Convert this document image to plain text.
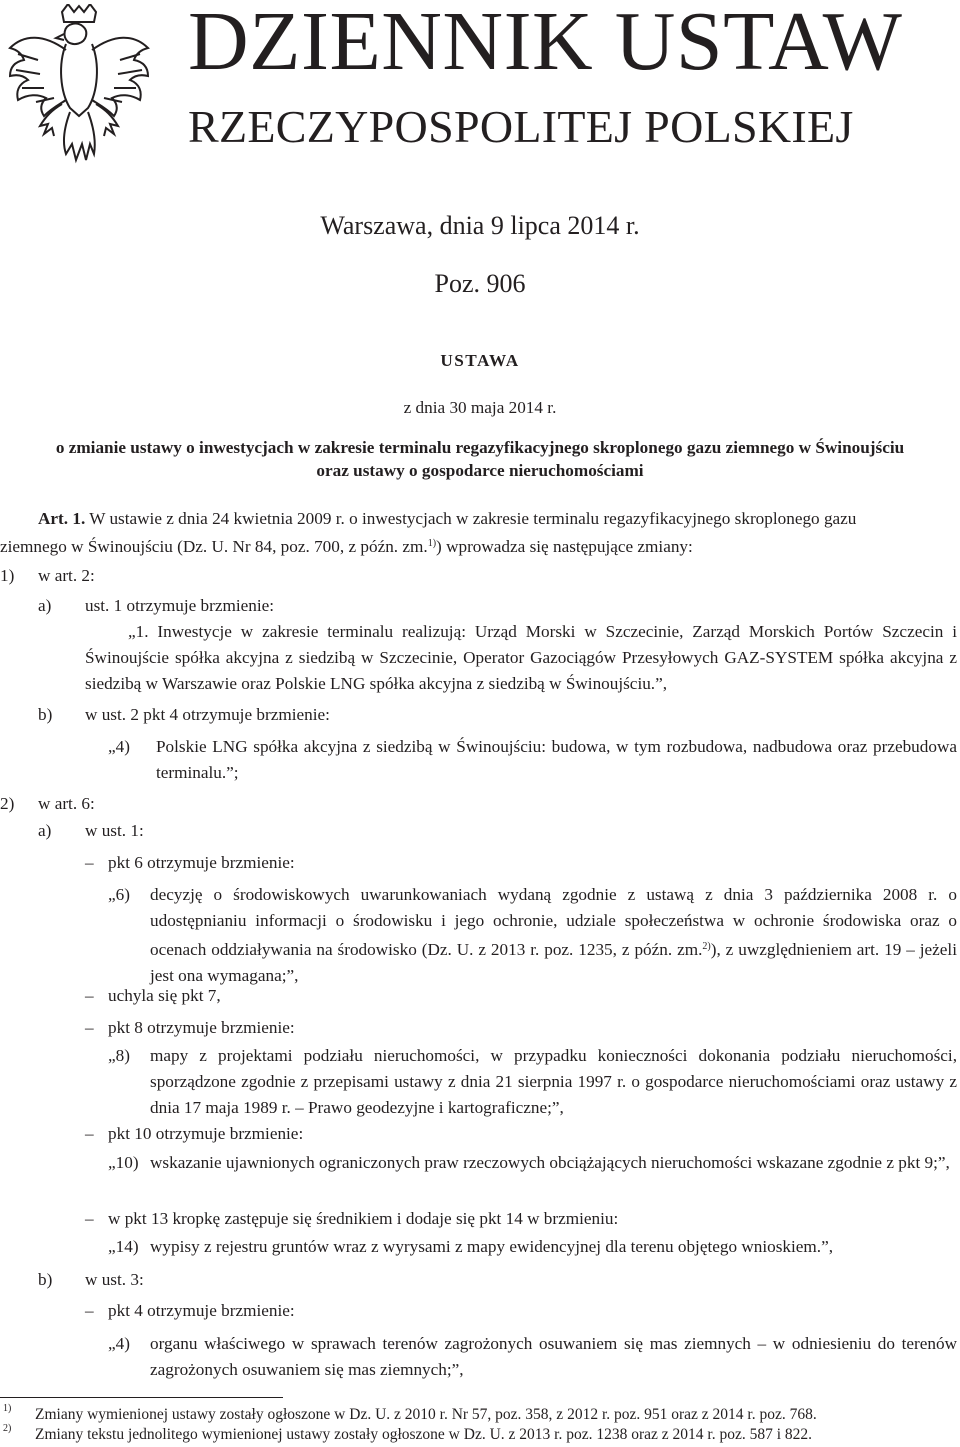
DZIENNIK USTAW
RZECZYPOSPOLITEJ POLSKIEJ
Warszawa, dnia 9 lipca 2014 r.
Poz. 906
USTAWA
z dnia 30 maja 2014 r.
o zmianie ustawy o inwestycjach w zakresie terminalu regazyfikacyjnego skroplonego gazu ziemnego w Świnoujściu
oraz ustawy o gospodarce nieruchomościami
Art. 1. W ustawie z dnia 24 kwietnia 2009 r. o inwestycjach w zakresie terminalu regazyfikacyjnego skroplonego gazu
ziemnego w Świnoujściu (Dz. U. Nr 84, poz. 700, z późn. zm.$^{1)}$) wprowadza się następujące zmiany:
1) w art. 2:
a) ust. 1 otrzymuje brzmienie:
„1. Inwestycje w zakresie terminalu realizują: Urząd Morski w Szczecinie, Zarząd Morskich Portów Szczecin i Świnoujście spółka akcyjna z siedzibą w Szczecinie, Operator Gazociągów Przesyłowych GAZ-SYSTEM spółka akcyjna z siedzibą w Warszawie oraz Polskie LNG spółka akcyjna z siedzibą w Świnoujściu.”,
b) w ust. 2 pkt 4 otrzymuje brzmienie:
„4) Polskie LNG spółka akcyjna z siedzibą w Świnoujściu: budowa, w tym rozbudowa, nadbudowa oraz przebudowa terminalu.”;
2) w art. 6:
a) w ust. 1:
– pkt 6 otrzymuje brzmienie:
„6) decyzję o środowiskowych uwarunkowaniach wydaną zgodnie z ustawą z dnia 3 października 2008 r. o udostępnianiu informacji o środowisku i jego ochronie, udziale społeczeństwa w ochronie środowiska oraz o ocenach oddziaływania na środowisko (Dz. U. z 2013 r. poz. 1235, z późn. zm.$^{2)}$), z uwzględnieniem art. 19 – jeżeli jest ona wymagana;”,
– uchyla się pkt 7,
– pkt 8 otrzymuje brzmienie:
„8) mapy z projektami podziału nieruchomości, w przypadku konieczności dokonania podziału nieruchomości, sporządzone zgodnie z przepisami ustawy z dnia 21 sierpnia 1997 r. o gospodarce nieruchomościami oraz ustawy z dnia 17 maja 1989 r. – Prawo geodezyjne i kartograficzne;”,
– pkt 10 otrzymuje brzmienie:
„10) wskazanie ujawnionych ograniczonych praw rzeczowych obciążających nieruchomości wskazane zgodnie z pkt 9;”,
– w pkt 13 kropkę zastępuje się średnikiem i dodaje się pkt 14 w brzmieniu:
„14) wypisy z rejestru gruntów wraz z wyrysami z mapy ewidencyjnej dla terenu objętego wnioskiem.”,
b) w ust. 3:
– pkt 4 otrzymuje brzmienie:
„4) organu właściwego w sprawach terenów zagrożonych osuwaniem się mas ziemnych – w odniesieniu do terenów zagrożonych osuwaniem się mas ziemnych;”,
1) Zmiany wymienionej ustawy zostały ogłoszone w Dz. U. z 2010 r. Nr 57, poz. 358, z 2012 r. poz. 951 oraz z 2014 r. poz. 768.
2) Zmiany tekstu jednolitego wymienionej ustawy zostały ogłoszone w Dz. U. z 2013 r. poz. 1238 oraz z 2014 r. poz. 587 i 822.
